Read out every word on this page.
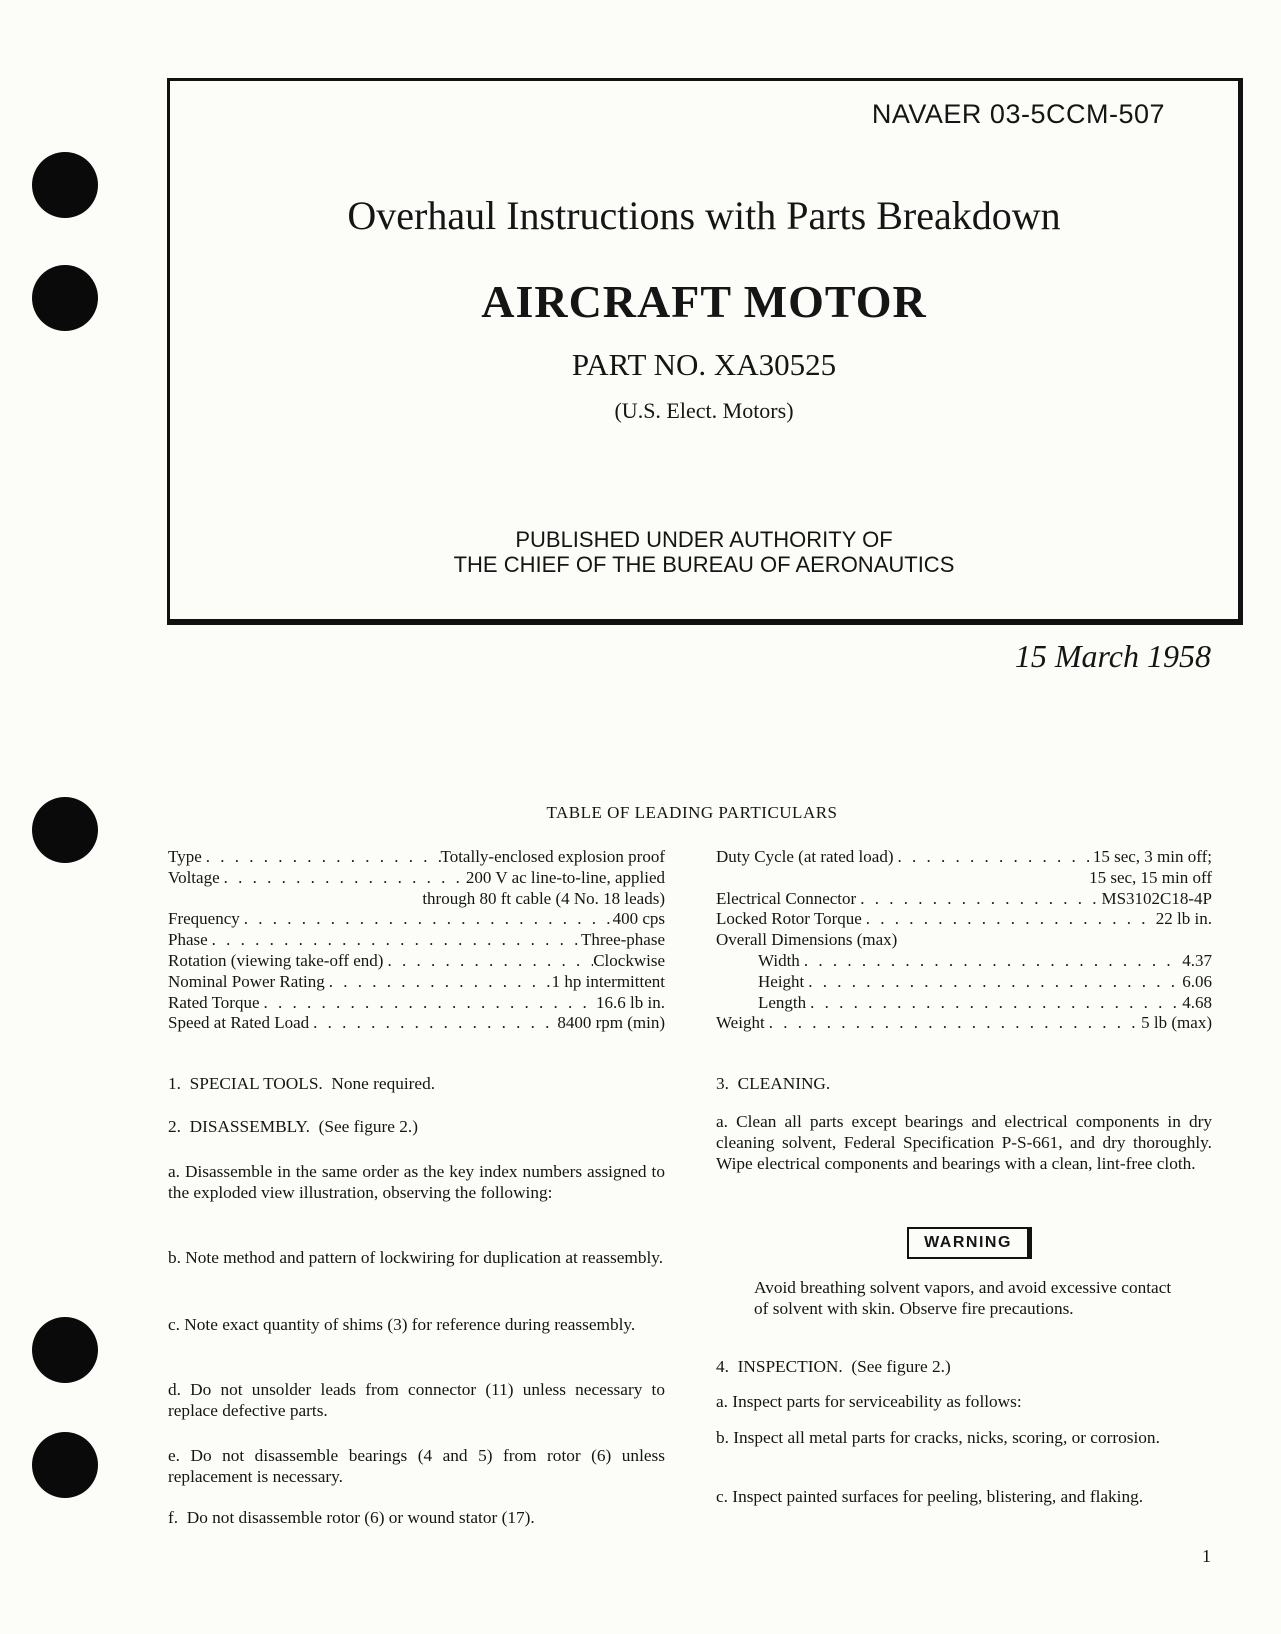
NAVAER 03-5CCM-507
Overhaul Instructions with Parts Breakdown
AIRCRAFT MOTOR
PART NO. XA30525
(U.S. Elect. Motors)
PUBLISHED UNDER AUTHORITY OF
THE CHIEF OF THE BUREAU OF AERONAUTICS
15 March 1958
TABLE OF LEADING PARTICULARS
Type . . .	Totally-enclosed explosion proof
Voltage . . .	200 V ac line-to-line, applied
through 80 ft cable (4 No. 18 leads)
Frequency . . .	400 cps
Phase . . .	Three-phase
Rotation (viewing take-off end) . . .	Clockwise
Nominal Power Rating . . .	1 hp intermittent
Rated Torque . . .	16.6 lb in.
Speed at Rated Load . . .	8400 rpm (min)
Duty Cycle (at rated load) . . .	15 sec, 3 min off;
15 sec, 15 min off
Electrical Connector . . .	MS3102C18-4P
Locked Rotor Torque . . .	22 lb in.
Overall Dimensions (max)
Width . . .	4.37
Height . . .	6.06
Length . . .	4.68
Weight . . .	5 lb (max)
1.  SPECIAL TOOLS.  None required.
2.  DISASSEMBLY.  (See figure 2.)
a. Disassemble in the same order as the key index numbers assigned to the exploded view illustration, observing the following:
b. Note method and pattern of lockwiring for duplication at reassembly.
c. Note exact quantity of shims (3) for reference during reassembly.
d. Do not unsolder leads from connector (11) unless necessary to replace defective parts.
e. Do not disassemble bearings (4 and 5) from rotor (6) unless replacement is necessary.
f.  Do not disassemble rotor (6) or wound stator (17).
3.  CLEANING.
a. Clean all parts except bearings and electrical components in dry cleaning solvent, Federal Specification P-S-661, and dry thoroughly. Wipe electrical components and bearings with a clean, lint-free cloth.
WARNING
Avoid breathing solvent vapors, and avoid excessive contact of solvent with skin. Observe fire precautions.
4.  INSPECTION.  (See figure 2.)
a. Inspect parts for serviceability as follows:
b. Inspect all metal parts for cracks, nicks, scoring, or corrosion.
c. Inspect painted surfaces for peeling, blistering, and flaking.
1
